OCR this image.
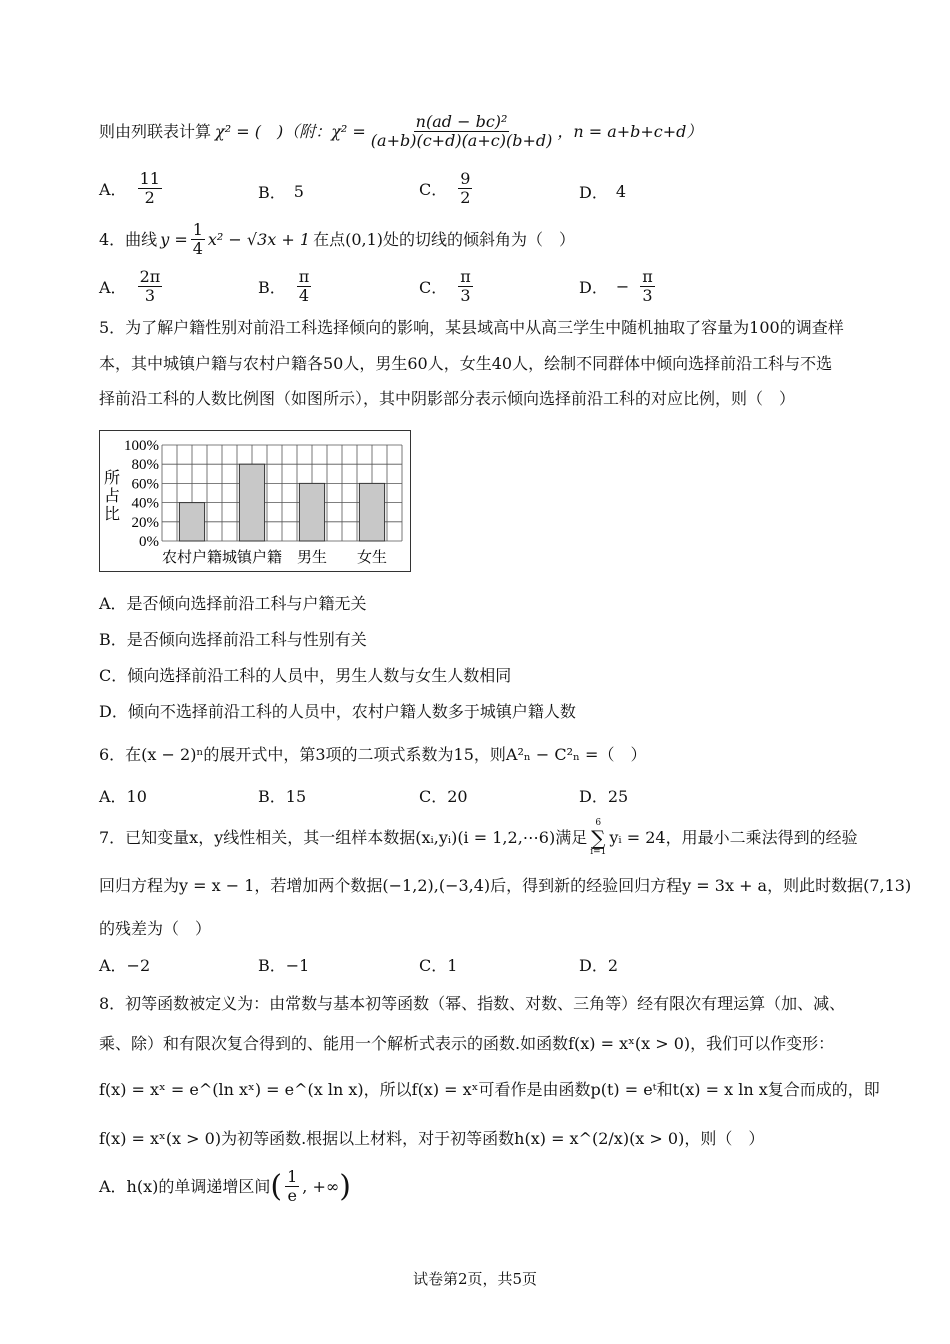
则由列联表计算 χ² = (　)（附：$\chi^2 = \frac{\text{n(ad − bc)²}}{(a+b)(c+d)(a+c)(b+d)}$ ，n = a+b+c+d）
A． $\frac{11}{2}$	B． 5	C． $\frac{9}{2}$	D． 4
4．曲线 $y = \frac{1}{4} x^2 - √3x + 1$ 在点(0,1)处的切线的倾斜角为（　）
A． $\frac{2\pi}{3}$	B． $\frac{\pi}{4}$	C． $\frac{\pi}{3}$	D． − $\frac{\pi}{3}$
5．为了解户籍性别对前沿工科选择倾向的影响，某县域高中从高三学生中随机抽取了容量为100的调查样
本，其中城镇户籍与农村户籍各50人，男生60人，女生40人，绘制不同群体中倾向选择前沿工科与不选
择前沿工科的人数比例图（如图所示），其中阴影部分表示倾向选择前沿工科的对应比例，则（　）
0%
20%
40%
60%
80%
100%
所
占
比
农村户籍 城镇户籍 男生 女生
A．是否倾向选择前沿工科与户籍无关
B．是否倾向选择前沿工科与性别有关
C．倾向选择前沿工科的人员中，男生人数与女生人数相同
D．倾向不选择前沿工科的人员中，农村户籍人数多于城镇户籍人数
6．在(x − 2)ⁿ的展开式中，第3项的二项式系数为15，则A²ₙ − C²ₙ =（　）
A．10	B．15	C．20	D．25
7．已知变量x，y线性相关，其一组样本数据(xᵢ,yᵢ)(i = 1,2,⋯6)满足
6
∑
i=1
yᵢ = 24，用最小二乘法得到的经验
回归方程为y = x − 1，若增加两个数据(−1,2),(−3,4)后，得到新的经验回归方程y = 3x + a，则此时数据(7,13)
的残差为（　）
A．−2	B．−1	C．1	D．2
8．初等函数被定义为：由常数与基本初等函数（幂、指数、对数、三角等）经有限次有理运算（加、减、
乘、除）和有限次复合得到的、能用一个解析式表示的函数.如函数f(x) = xˣ(x > 0)，我们可以作变形：
f(x) = xˣ = e^(ln xˣ) = e^(x ln x)，所以f(x) = xˣ可看作是由函数p(t) = eᵗ和t(x) = x ln x复合而成的，即
f(x) = xˣ(x > 0)为初等函数.根据以上材料，对于初等函数h(x) = x^(2/x)(x > 0)，则（　）
A．h(x)的单调递增区间 ( $\frac{1}{e}$ , +∞ )
试卷第2页，共5页
